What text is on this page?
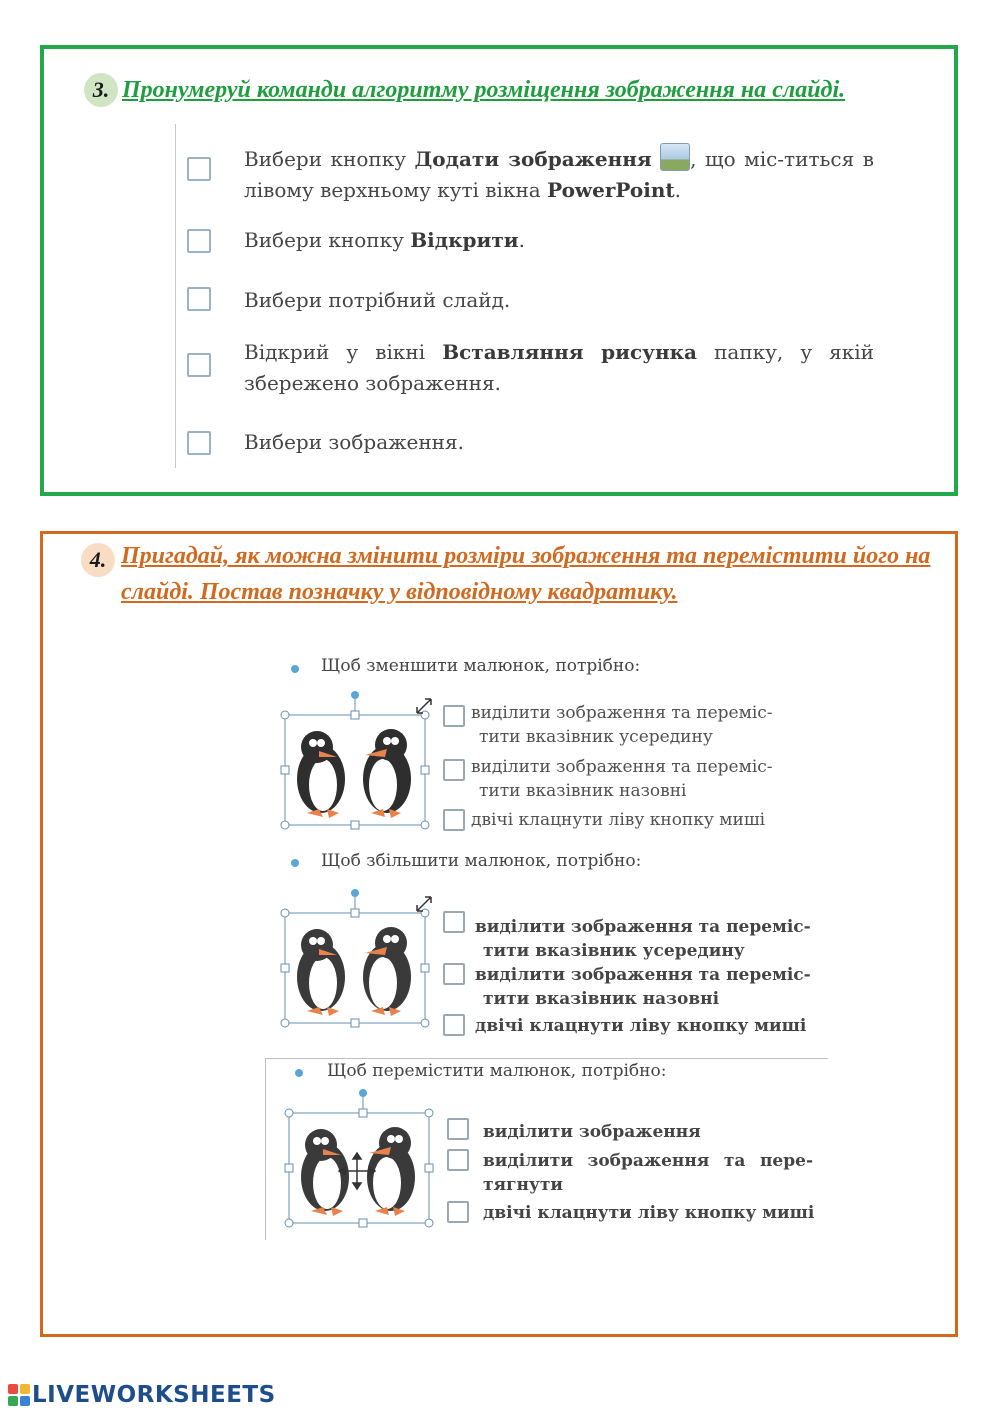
3. Пронумеруй команди алгоритму розміщення зображення на слайді.

Вибери кнопку Додати зображення , що міс-титься в лівому верхньому куті вікна PowerPoint.

Вибери кнопку Відкрити.

Вибери потрібний слайд.

Відкрий у вікні Вставляння рисунка папку, у якій збережено зображення.

Вибери зображення.

4. Пригадай, як можна змінити розміри зображення та перемістити його на слайді. Постав позначку у відповідному квадратику.

Щоб зменшити малюнок, потрібно:

виділити зображення та переміс-
тити вказівник усередину

виділити зображення та переміс-
тити вказівник назовні

двічі клацнути ліву кнопку миші

Щоб збільшити малюнок, потрібно:

виділити зображення та переміс-
тити вказівник усередину

виділити зображення та переміс-
тити вказівник назовні

двічі клацнути ліву кнопку миші

Щоб перемістити малюнок, потрібно:

виділити зображення

виділити зображення та пере-

тягнути

двічі клацнути ліву кнопку миші

LIVEWORKSHEETS
